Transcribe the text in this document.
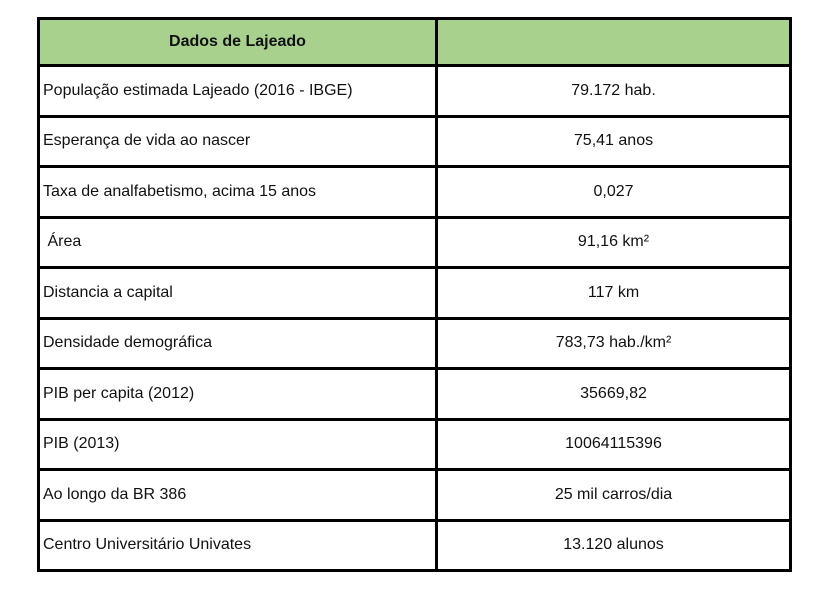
Dados de Lajeado
População estimada Lajeado (2016 - IBGE)	79.172 hab.
Esperança de vida ao nascer	75,41 anos
Taxa de analfabetismo, acima 15 anos	0,027
Área	91,16 km²
Distancia a capital	117 km
Densidade demográfica	783,73 hab./km²
PIB per capita (2012)	35669,82
PIB (2013)	10064115396
Ao longo da BR 386	25 mil carros/dia
Centro Universitário Univates	13.120 alunos
